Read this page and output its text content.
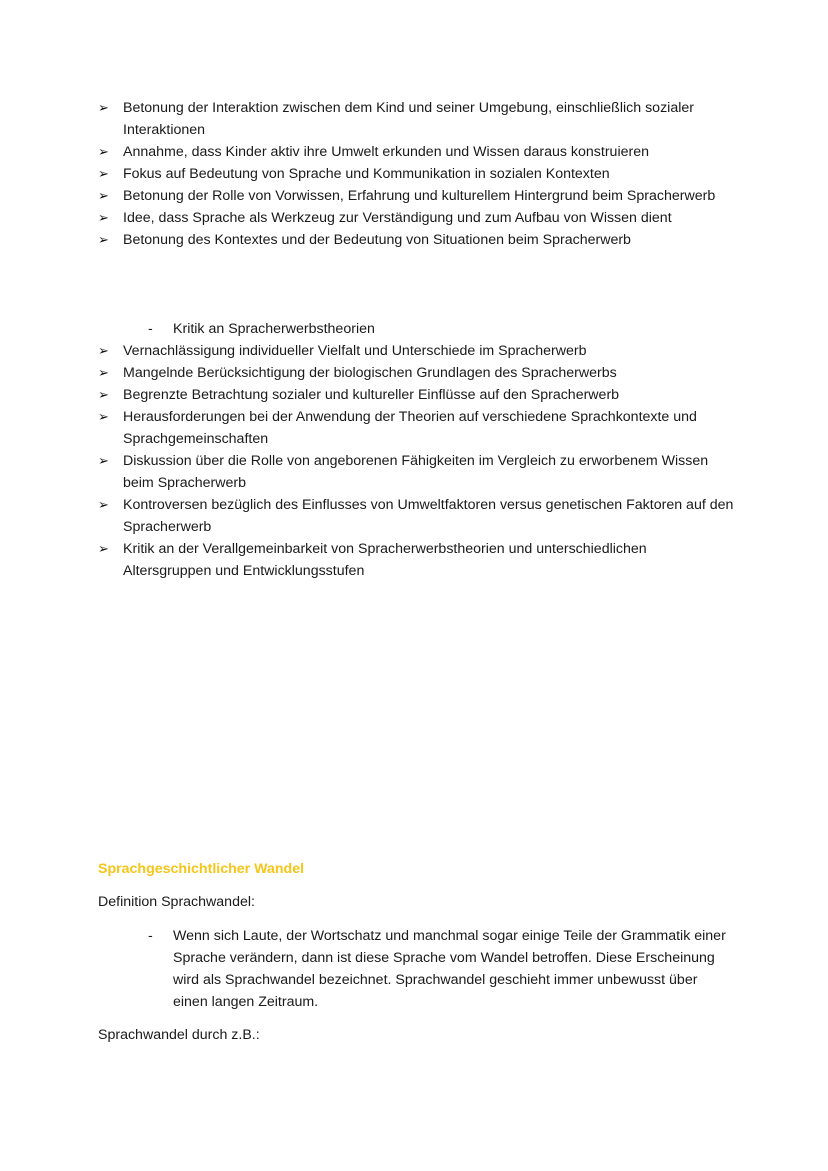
➢ Betonung der Interaktion zwischen dem Kind und seiner Umgebung, einschließlich sozialer Interaktionen
➢ Annahme, dass Kinder aktiv ihre Umwelt erkunden und Wissen daraus konstruieren
➢ Fokus auf Bedeutung von Sprache und Kommunikation in sozialen Kontexten
➢ Betonung der Rolle von Vorwissen, Erfahrung und kulturellem Hintergrund beim Spracherwerb
➢ Idee, dass Sprache als Werkzeug zur Verständigung und zum Aufbau von Wissen dient
➢ Betonung des Kontextes und der Bedeutung von Situationen beim Spracherwerb
-	Kritik an Spracherwerbstheorien
➢ Vernachlässigung individueller Vielfalt und Unterschiede im Spracherwerb
➢ Mangelnde Berücksichtigung der biologischen Grundlagen des Spracherwerbs
➢ Begrenzte Betrachtung sozialer und kultureller Einflüsse auf den Spracherwerb
➢ Herausforderungen bei der Anwendung der Theorien auf verschiedene Sprachkontexte und Sprachgemeinschaften
➢ Diskussion über die Rolle von angeborenen Fähigkeiten im Vergleich zu erworbenem Wissen beim Spracherwerb
➢ Kontroversen bezüglich des Einflusses von Umweltfaktoren versus genetischen Faktoren auf den Spracherwerb
➢ Kritik an der Verallgemeinbarkeit von Spracherwerbstheorien und unterschiedlichen Altersgruppen und Entwicklungsstufen
Sprachgeschichtlicher Wandel
Definition Sprachwandel:
-	Wenn sich Laute, der Wortschatz und manchmal sogar einige Teile der Grammatik einer Sprache verändern, dann ist diese Sprache vom Wandel betroffen. Diese Erscheinung wird als Sprachwandel bezeichnet. Sprachwandel geschieht immer unbewusst über einen langen Zeitraum.
Sprachwandel durch z.B.:
